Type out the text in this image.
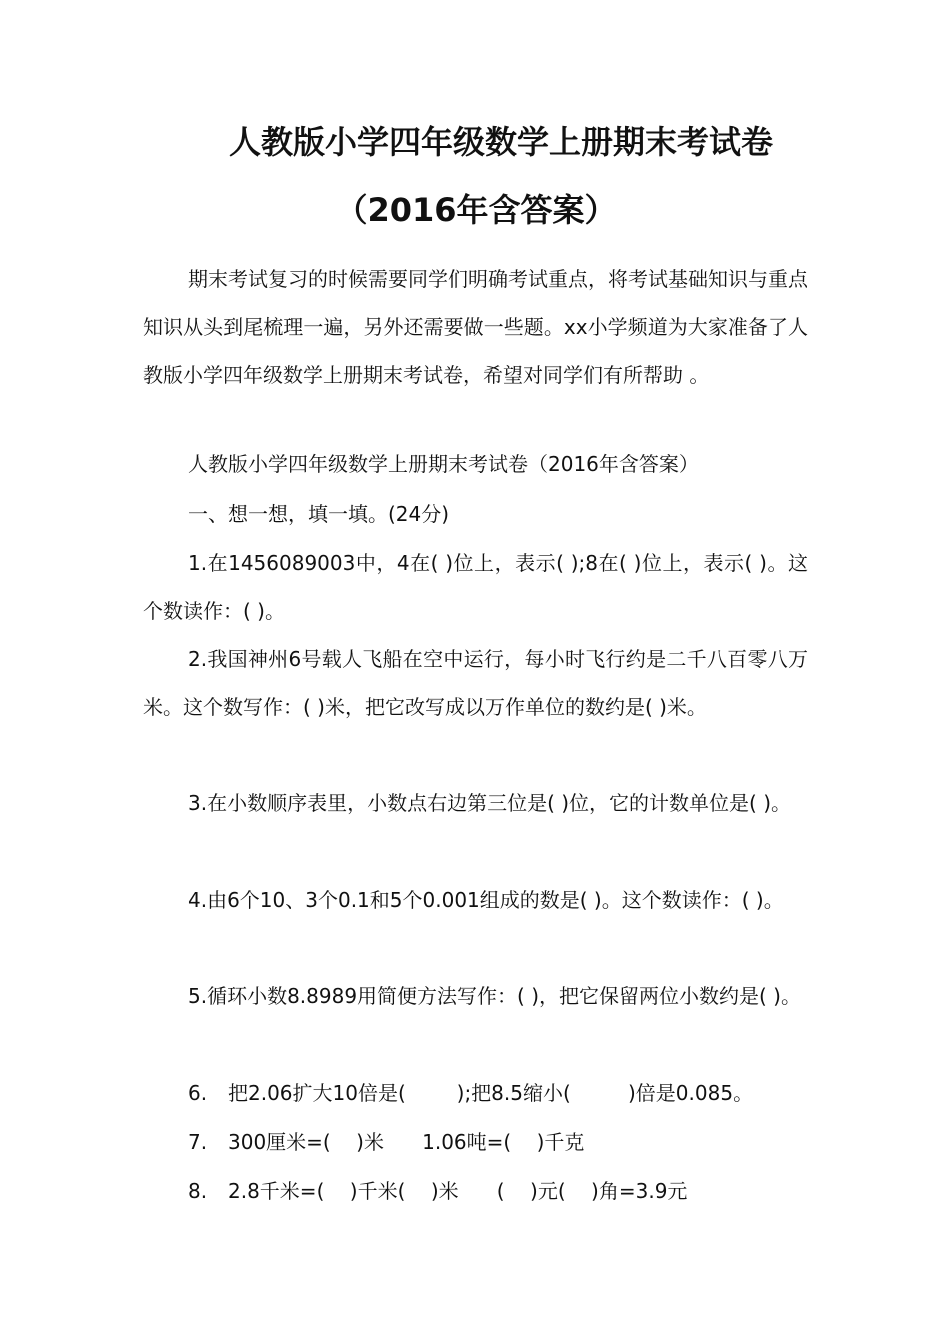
人教版小学四年级数学上册期末考试卷
（2016年含答案）
期末考试复习的时候需要同学们明确考试重点，将考试基础知识与重点知识从头到尾梳理一遍，另外还需要做一些题。xx小学频道为大家准备了人教版小学四年级数学上册期末考试卷，希望对同学们有所帮助 。
人教版小学四年级数学上册期末考试卷（2016年含答案）
一、想一想，填一填。(24分)
1.在1456089003中，4在( )位上，表示( );8在( )位上，表示( )。这个数读作：( )。
2.我国神州6号载人飞船在空中运行，每小时飞行约是二千八百零八万米。这个数写作：( )米，把它改写成以万作单位的数约是( )米。
3.在小数顺序表里，小数点右边第三位是( )位，它的计数单位是( )。
4.由6个10、3个0.1和5个0.001组成的数是( )。这个数读作：( )。
5.循环小数8.8989用简便方法写作：( )，把它保留两位小数约是( )。
6. 把2.06扩大10倍是(        );把8.5缩小(         )倍是0.085。
7. 300厘米=(    )米      1.06吨=(    )千克
8. 2.8千米=(    )千米(    )米      (    )元(    )角=3.9元
